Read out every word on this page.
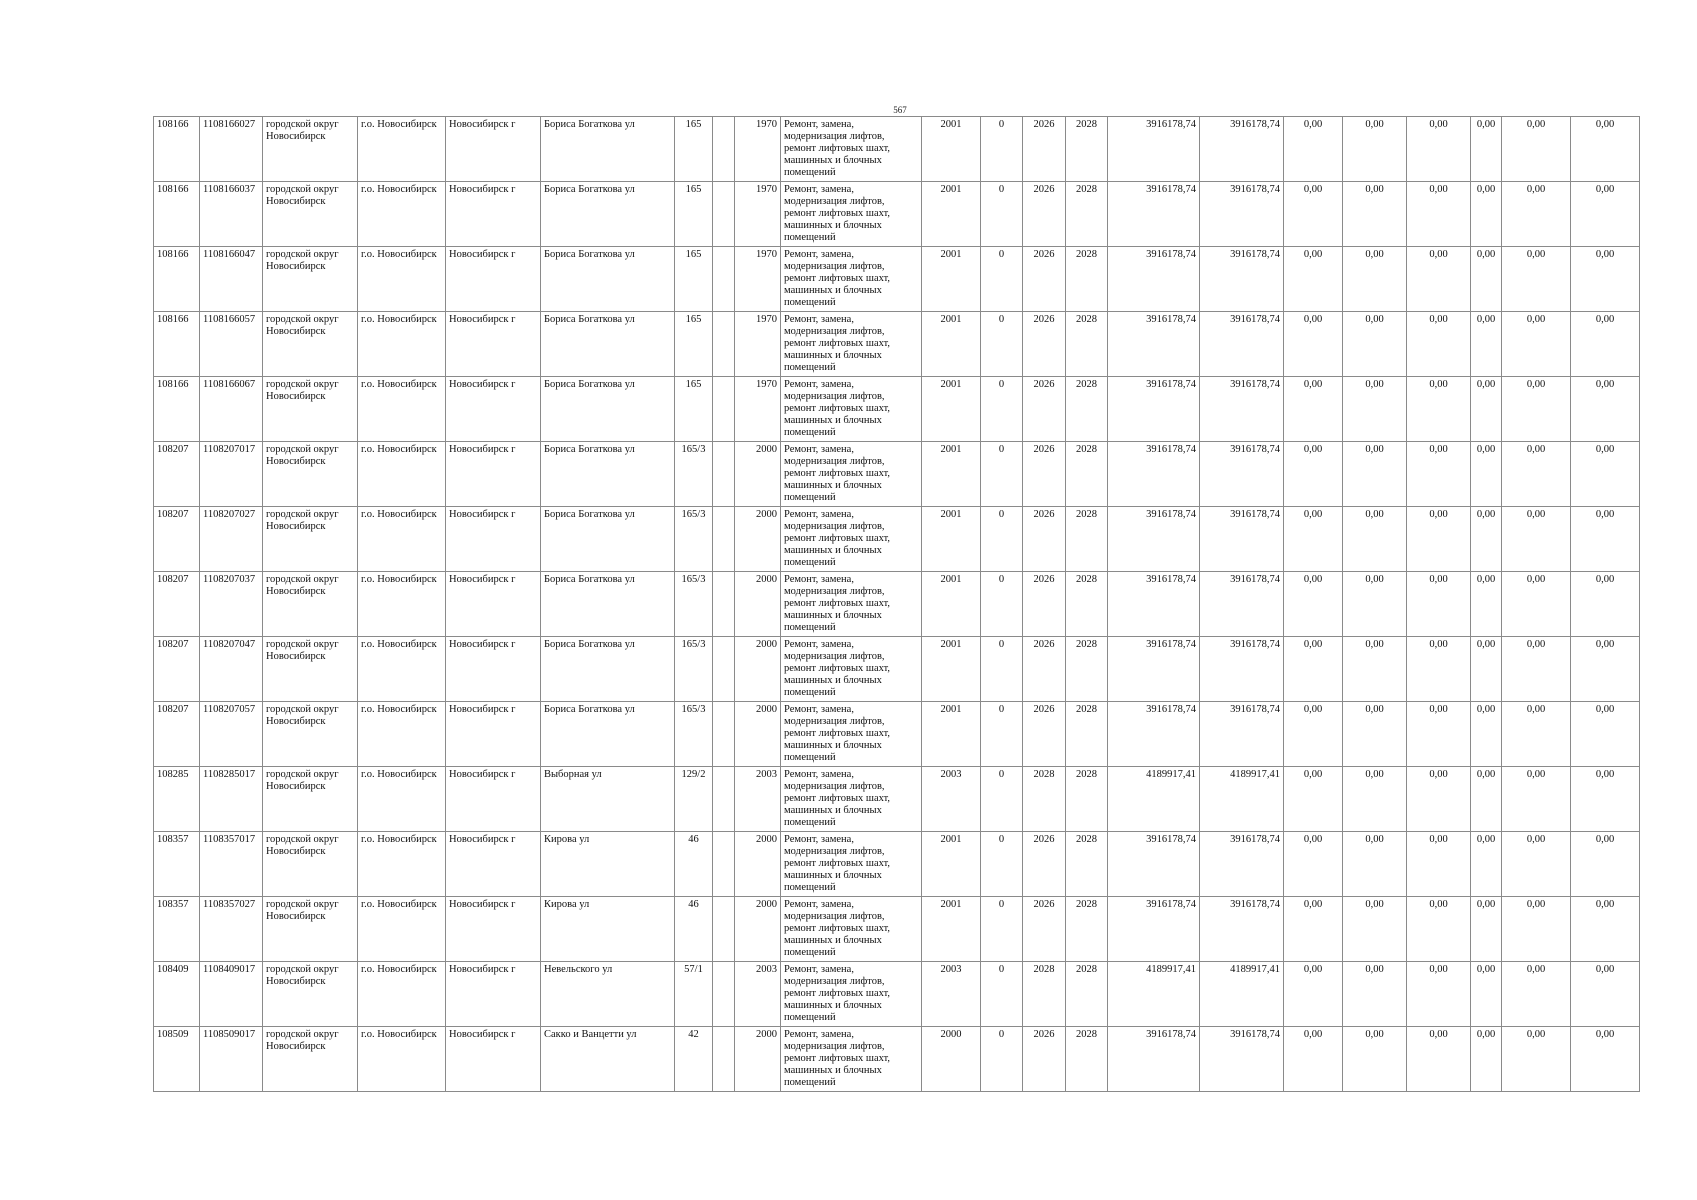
567
108166	1108166027	городской округ Новосибирск	г.о. Новосибирск	Новосибирск г	Бориса Богаткова ул	165		1970	Ремонт, замена, модернизация лифтов, ремонт лифтовых шахт, машинных и блочных помещений	2001	0	2026	2028	3916178,74	3916178,74	0,00	0,00	0,00	0,00	0,00	0,00
108166	1108166037	городской округ Новосибирск	г.о. Новосибирск	Новосибирск г	Бориса Богаткова ул	165		1970	Ремонт, замена, модернизация лифтов, ремонт лифтовых шахт, машинных и блочных помещений	2001	0	2026	2028	3916178,74	3916178,74	0,00	0,00	0,00	0,00	0,00	0,00
108166	1108166047	городской округ Новосибирск	г.о. Новосибирск	Новосибирск г	Бориса Богаткова ул	165		1970	Ремонт, замена, модернизация лифтов, ремонт лифтовых шахт, машинных и блочных помещений	2001	0	2026	2028	3916178,74	3916178,74	0,00	0,00	0,00	0,00	0,00	0,00
108166	1108166057	городской округ Новосибирск	г.о. Новосибирск	Новосибирск г	Бориса Богаткова ул	165		1970	Ремонт, замена, модернизация лифтов, ремонт лифтовых шахт, машинных и блочных помещений	2001	0	2026	2028	3916178,74	3916178,74	0,00	0,00	0,00	0,00	0,00	0,00
108166	1108166067	городской округ Новосибирск	г.о. Новосибирск	Новосибирск г	Бориса Богаткова ул	165		1970	Ремонт, замена, модернизация лифтов, ремонт лифтовых шахт, машинных и блочных помещений	2001	0	2026	2028	3916178,74	3916178,74	0,00	0,00	0,00	0,00	0,00	0,00
108207	1108207017	городской округ Новосибирск	г.о. Новосибирск	Новосибирск г	Бориса Богаткова ул	165/3		2000	Ремонт, замена, модернизация лифтов, ремонт лифтовых шахт, машинных и блочных помещений	2001	0	2026	2028	3916178,74	3916178,74	0,00	0,00	0,00	0,00	0,00	0,00
108207	1108207027	городской округ Новосибирск	г.о. Новосибирск	Новосибирск г	Бориса Богаткова ул	165/3		2000	Ремонт, замена, модернизация лифтов, ремонт лифтовых шахт, машинных и блочных помещений	2001	0	2026	2028	3916178,74	3916178,74	0,00	0,00	0,00	0,00	0,00	0,00
108207	1108207037	городской округ Новосибирск	г.о. Новосибирск	Новосибирск г	Бориса Богаткова ул	165/3		2000	Ремонт, замена, модернизация лифтов, ремонт лифтовых шахт, машинных и блочных помещений	2001	0	2026	2028	3916178,74	3916178,74	0,00	0,00	0,00	0,00	0,00	0,00
108207	1108207047	городской округ Новосибирск	г.о. Новосибирск	Новосибирск г	Бориса Богаткова ул	165/3		2000	Ремонт, замена, модернизация лифтов, ремонт лифтовых шахт, машинных и блочных помещений	2001	0	2026	2028	3916178,74	3916178,74	0,00	0,00	0,00	0,00	0,00	0,00
108207	1108207057	городской округ Новосибирск	г.о. Новосибирск	Новосибирск г	Бориса Богаткова ул	165/3		2000	Ремонт, замена, модернизация лифтов, ремонт лифтовых шахт, машинных и блочных помещений	2001	0	2026	2028	3916178,74	3916178,74	0,00	0,00	0,00	0,00	0,00	0,00
108285	1108285017	городской округ Новосибирск	г.о. Новосибирск	Новосибирск г	Выборная ул	129/2		2003	Ремонт, замена, модернизация лифтов, ремонт лифтовых шахт, машинных и блочных помещений	2003	0	2028	2028	4189917,41	4189917,41	0,00	0,00	0,00	0,00	0,00	0,00
108357	1108357017	городской округ Новосибирск	г.о. Новосибирск	Новосибирск г	Кирова ул	46		2000	Ремонт, замена, модернизация лифтов, ремонт лифтовых шахт, машинных и блочных помещений	2001	0	2026	2028	3916178,74	3916178,74	0,00	0,00	0,00	0,00	0,00	0,00
108357	1108357027	городской округ Новосибирск	г.о. Новосибирск	Новосибирск г	Кирова ул	46		2000	Ремонт, замена, модернизация лифтов, ремонт лифтовых шахт, машинных и блочных помещений	2001	0	2026	2028	3916178,74	3916178,74	0,00	0,00	0,00	0,00	0,00	0,00
108409	1108409017	городской округ Новосибирск	г.о. Новосибирск	Новосибирск г	Невельского ул	57/1		2003	Ремонт, замена, модернизация лифтов, ремонт лифтовых шахт, машинных и блочных помещений	2003	0	2028	2028	4189917,41	4189917,41	0,00	0,00	0,00	0,00	0,00	0,00
108509	1108509017	городской округ Новосибирск	г.о. Новосибирск	Новосибирск г	Сакко и Ванцетти ул	42		2000	Ремонт, замена, модернизация лифтов, ремонт лифтовых шахт, машинных и блочных помещений	2000	0	2026	2028	3916178,74	3916178,74	0,00	0,00	0,00	0,00	0,00	0,00
